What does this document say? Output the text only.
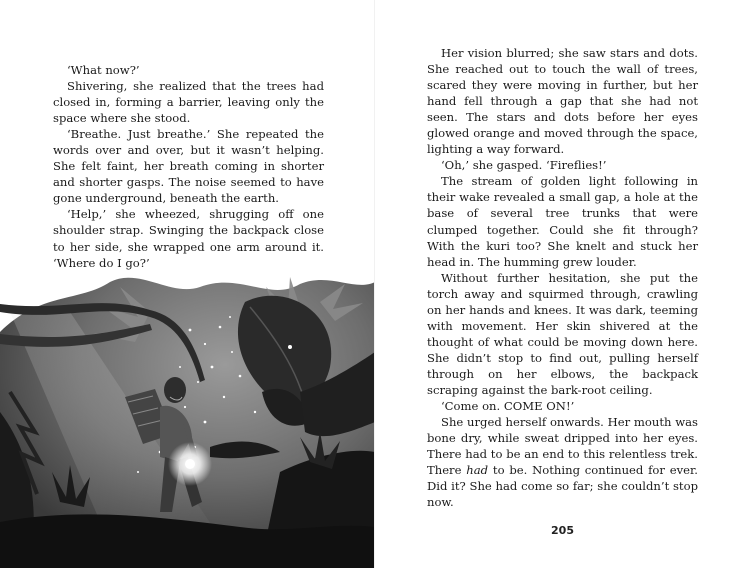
‘What now?’

Shivering, she realized that the trees had closed in, forming a barrier, leaving only the space where she stood.

‘Breathe. Just breathe.’ She repeated the words over and over, but it wasn’t helping. She felt faint, her breath coming in shorter and shorter gasps. The noise seemed to have gone underground, beneath the earth.

‘Help,’ she wheezed, shrugging off one shoulder strap. Swinging the backpack close to her side, she wrapped one arm around it. ‘Where do I go?’

Her vision blurred; she saw stars and dots. She reached out to touch the wall of trees, scared they were moving in further, but her hand fell through a gap that she had not seen. The stars and dots before her eyes glowed orange and moved through the space, lighting a way forward.

‘Oh,’ she gasped. ‘Fireflies!’

The stream of golden light following in their wake revealed a small gap, a hole at the base of several tree trunks that were clumped together. Could she fit through? With the kuri too? She knelt and stuck her head in. The humming grew louder.

Without further hesitation, she put the torch away and squirmed through, crawling on her hands and knees. It was dark, teeming with movement. Her skin shivered at the thought of what could be moving down here. She didn’t stop to find out, pulling herself through on her elbows, the backpack scraping against the bark-root ceiling.

‘Come on. COME ON!’

She urged herself onwards. Her mouth was bone dry, while sweat dripped into her eyes. There had to be an end to this relentless trek. There had to be. Nothing continued for ever. Did it? She had come so far; she couldn’t stop now.

205
